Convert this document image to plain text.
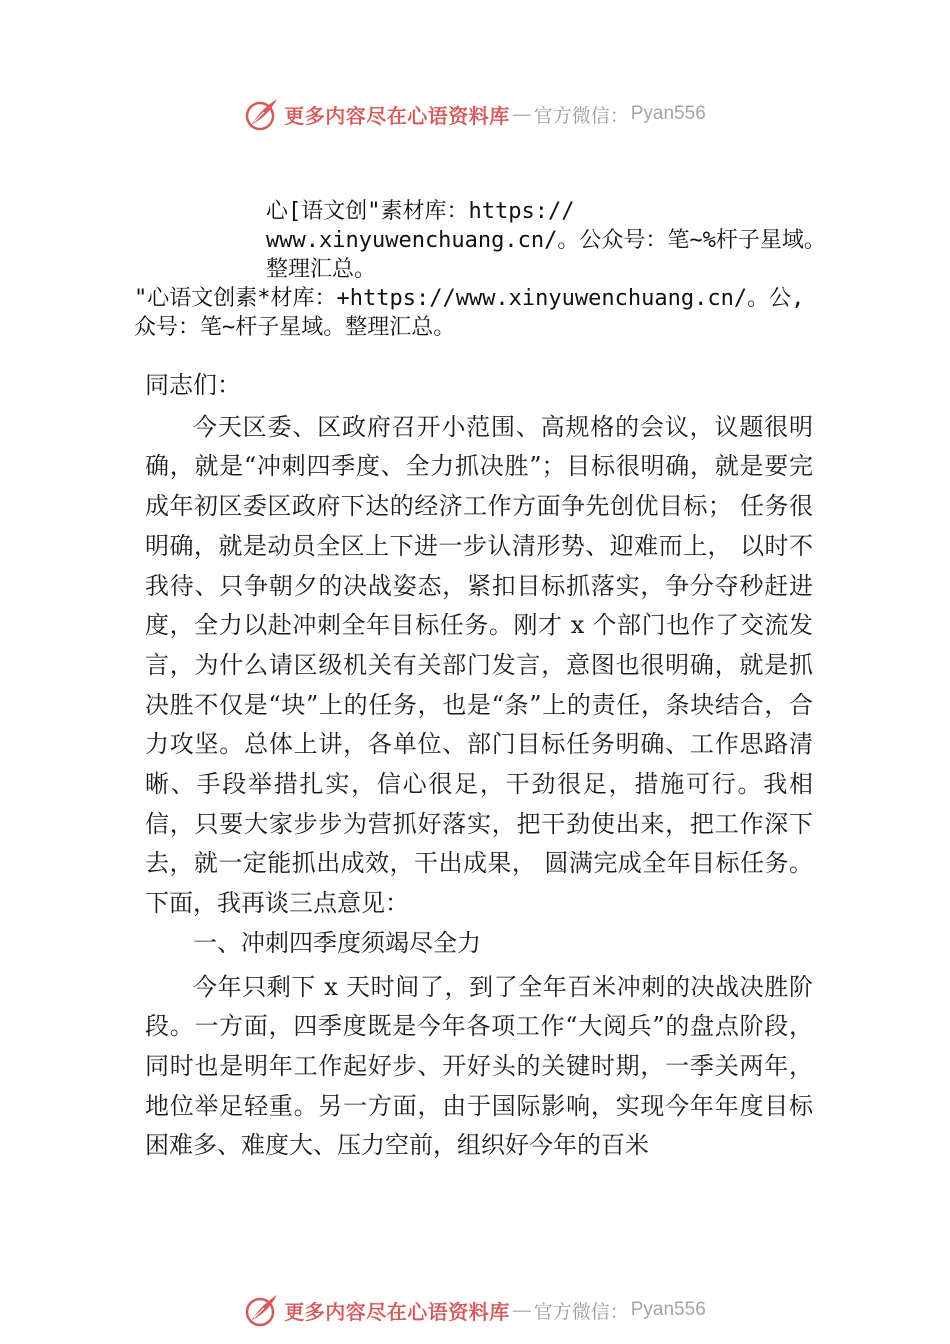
更多内容尽在心语资料库 — 官方微信： Pyan556
心[语文创"素材库：https://
www.xinyuwenchuang.cn/。公众号：笔~%杆子星域。
整理汇总。
"心语文创素*材库：+https://www.xinyuwenchuang.cn/。公,
众号：笔~杆子星域。整理汇总。

同志们：

今天区委、区政府召开小范围、高规格的会议，议题很明确，就是“冲刺四季度、全力抓决胜”；目标很明确，就是要完成年初区委区政府下达的经济工作方面争先创优目标； 任务很明确，就是动员全区上下进一步认清形势、迎难而上， 以时不我待、只争朝夕的决战姿态，紧扣目标抓落实，争分夺秒赶进度，全力以赴冲刺全年目标任务。刚才 x 个部门也作了交流发言，为什么请区级机关有关部门发言，意图也很明确，就是抓决胜不仅是“块”上的任务，也是“条”上的责任，条块结合，合力攻坚。总体上讲，各单位、部门目标任务明确、工作思路清晰、手段举措扎实，信心很足，干劲很足，措施可行。我相信，只要大家步步为营抓好落实，把干劲使出来，把工作深下去，就一定能抓出成效，干出成果， 圆满完成全年目标任务。下面，我再谈三点意见：

一、冲刺四季度须竭尽全力

今年只剩下 x 天时间了，到了全年百米冲刺的决战决胜阶段。一方面，四季度既是今年各项工作“大阅兵”的盘点阶段，同时也是明年工作起好步、开好头的关键时期，一季关两年，地位举足轻重。另一方面，由于国际影响，实现今年年度目标困难多、难度大、压力空前，组织好今年的百米

更多内容尽在心语资料库 — 官方微信： Pyan556
